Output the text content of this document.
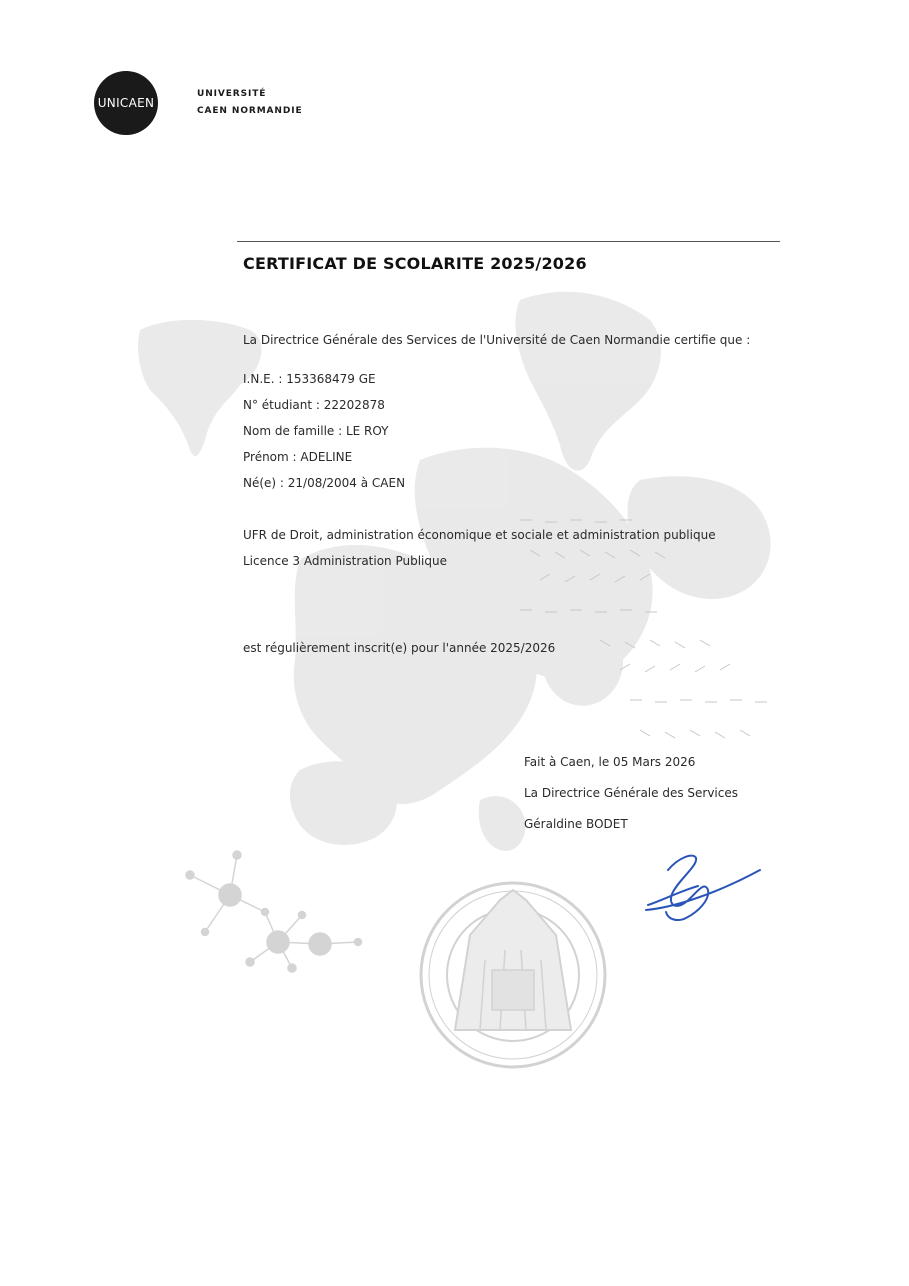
UNICAEN
UNIVERSITÉ
CAEN NORMANDIE
CERTIFICAT DE SCOLARITE 2025/2026
La Directrice Générale des Services de l'Université de Caen Normandie certifie que :
I.N.E. : 153368479 GE
N° étudiant : 22202878
Nom de famille : LE ROY
Prénom : ADELINE
Né(e) : 21/08/2004 à CAEN
UFR de Droit, administration économique et sociale et administration publique
Licence 3 Administration Publique
est régulièrement inscrit(e) pour l'année 2025/2026
Fait à Caen, le 05 Mars 2026
La Directrice Générale des Services
Géraldine BODET
